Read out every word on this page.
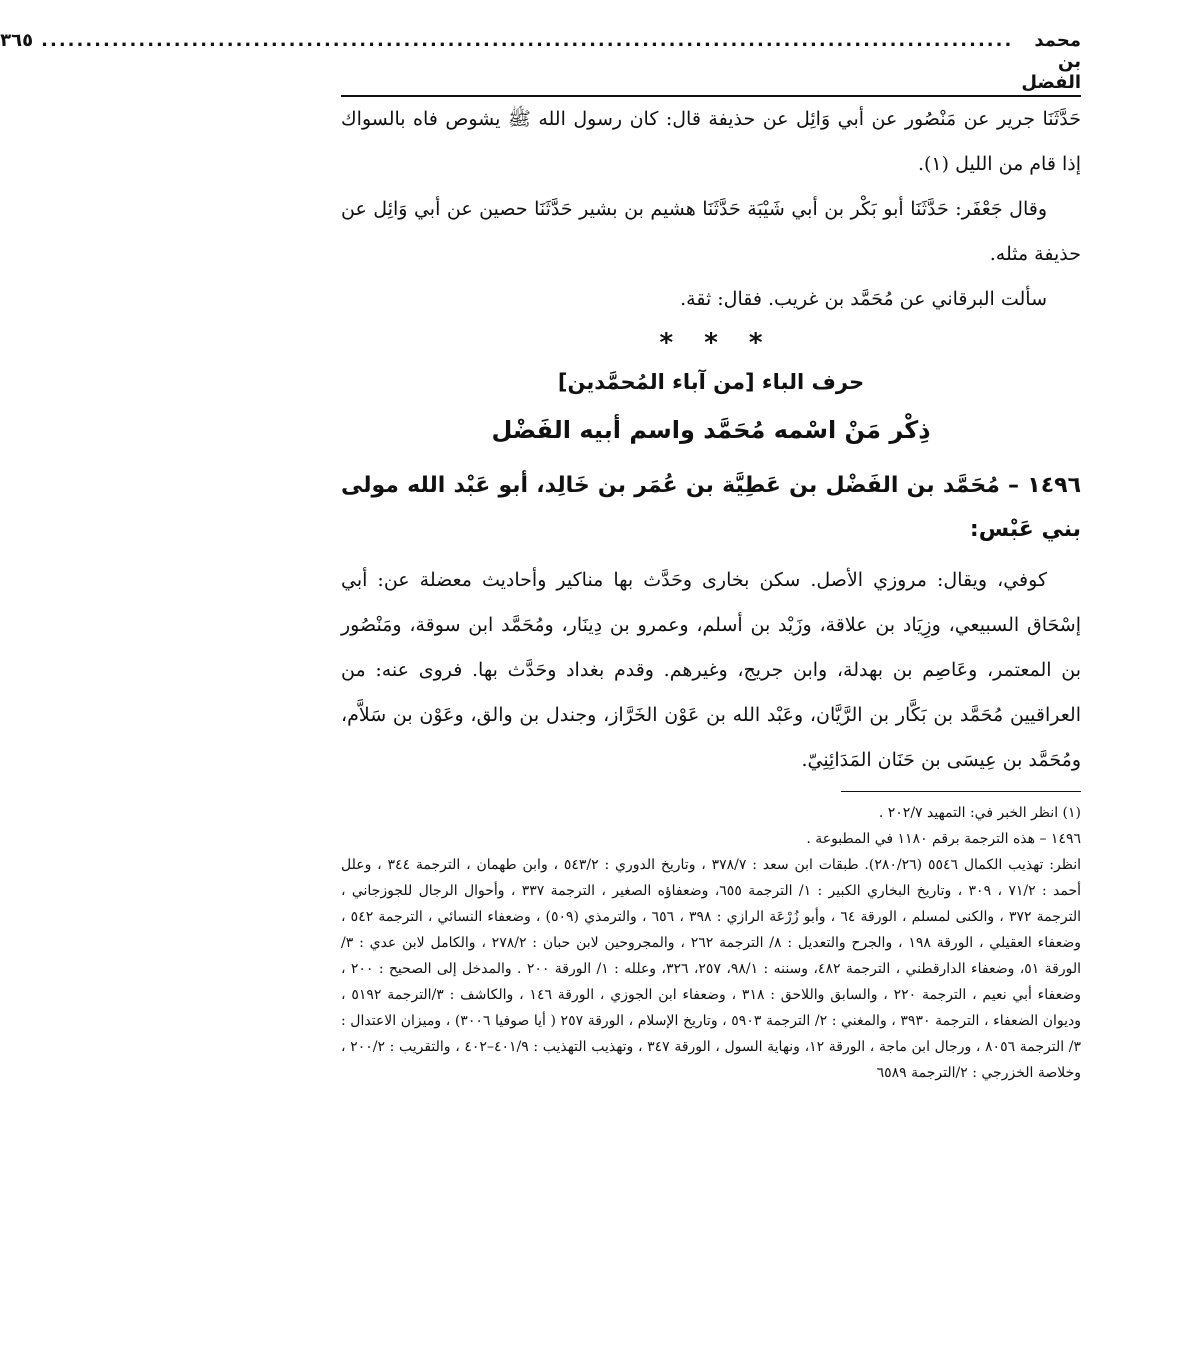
محمد بن الفضل
..............................................................................................................
٣٦٥

حَدَّثَنَا جرير عن مَنْصُور عن أبي وَائِل عن حذيفة قال: كان رسول الله ﷺ يشوص فاه بالسواك إذا قام من الليل (١).

وقال جَعْفَر: حَدَّثَنَا أبو بَكْر بن أبي شَيْبَة حَدَّثَنَا هشيم بن بشير حَدَّثَنَا حصين عن أبي وَائِل عن حذيفة مثله.

سألت البرقاني عن مُحَمَّد بن غريب. فقال: ثقة.

* * *
حرف الباء [من آباء المُحمَّدين]
ذِكْر مَنْ اسْمه مُحَمَّد واسم أبيه الفَضْل
١٤٩٦ – مُحَمَّد بن الفَضْل بن عَطِيَّة بن عُمَر بن خَالِد، أبو عَبْد الله مولى بني عَبْس:

كوفي، ويقال: مروزي الأصل. سكن بخارى وحَدَّث بها مناكير وأحاديث معضلة عن: أبي إسْحَاق السبيعي، وزِيَاد بن علاقة، وزَيْد بن أسلم، وعمرو بن دِينَار، ومُحَمَّد ابن سوقة، ومَنْصُور بن المعتمر، وعَاصِم بن بهدلة، وابن جريج، وغيرهم. وقدم بغداد وحَدَّث بها. فروى عنه: من العراقيين مُحَمَّد بن بَكَّار بن الرَّيَّان، وعَبْد الله بن عَوْن الخَرَّاز، وجندل بن والق، وعَوْن بن سَلاَّم، ومُحَمَّد بن عِيسَى بن حَنَان المَدَائِنِيّ.

(١) انظر الخبر في: التمهيد ٢٠٢/٧ .

١٤٩٦ – هذه الترجمة برقم ١١٨٠ في المطبوعة .

انظر: تهذيب الكمال ٥٥٤٦ (٢٨٠/٢٦). طبقات ابن سعد : ٣٧٨/٧ ، وتاريخ الدوري : ٥٤٣/٢ ، وابن طهمان ، الترجمة ٣٤٤ ، وعلل أحمد : ٧١/٢ ، ٣٠٩ ، وتاريخ البخاري الكبير : ١/ الترجمة ٦٥٥، وضعفاؤه الصغير ، الترجمة ٣٣٧ ، وأحوال الرجال للجوزجاني ، الترجمة ٣٧٢ ، والكنى لمسلم ، الورقة ٦٤ ، وأبو زُرْعَة الرازي : ٣٩٨ ، ٦٥٦ ، والترمذي (٥٠٩) ، وضعفاء النسائي ، الترجمة ٥٤٢ ، وضعفاء العقيلي ، الورقة ١٩٨ ، والجرح والتعديل : ٨/ الترجمة ٢٦٢ ، والمجروحين لابن حبان : ٢٧٨/٢ ، والكامل لابن عدي : ٣/الورقة ٥١، وضعفاء الدارقطني ، الترجمة ٤٨٢، وسننه : ٩٨/١، ٢٥٧، ٣٢٦، وعلله : ١/ الورقة ٢٠٠ . والمدخل إلى الصحيح : ٢٠٠ ، وضعفاء أبي نعيم ، الترجمة ٢٢٠ ، والسابق واللاحق : ٣١٨ ، وضعفاء ابن الجوزي ، الورقة ١٤٦ ، والكاشف : ٣/الترجمة ٥١٩٢ ، وديوان الضعفاء ، الترجمة ٣٩٣٠ ، والمغني : ٢/ الترجمة ٥٩٠٣ ، وتاريخ الإسلام ، الورقة ٢٥٧ ( أيا صوفيا ٣٠٠٦) ، وميزان الاعتدال : ٣/ الترجمة ٨٠٥٦ ، ورجال ابن ماجة ، الورقة ١٢، ونهاية السول ، الورقة ٣٤٧ ، وتهذيب التهذيب : ٤٠١/٩–٤٠٢ ، والتقريب : ٢٠٠/٢ ، وخلاصة الخزرجي : ٢/الترجمة ٦٥٨٩
